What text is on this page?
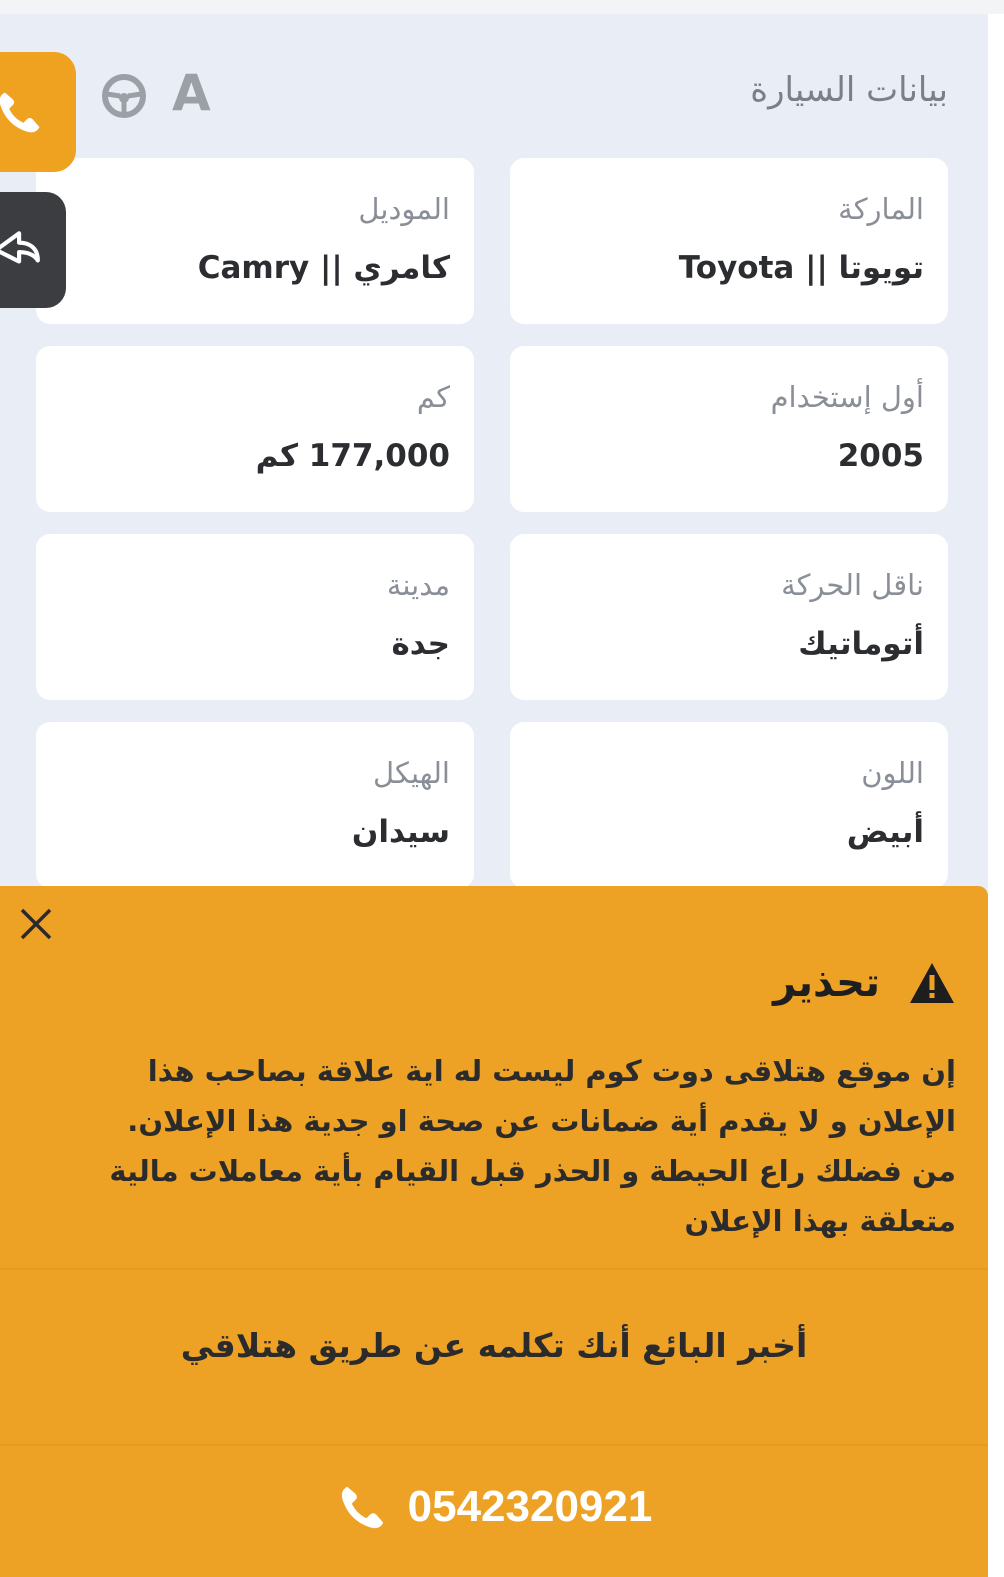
بيانات السيارة
A
الماركة
تويوتا || Toyota
الموديل
كامري || Camry
أول إستخدام
2005
كم
177,000 كم
ناقل الحركة
أتوماتيك
مدينة
جدة
اللون
أبيض
الهيكل
سيدان
تحذير
إن موقع هتلاقى دوت كوم ليست له اية علاقة بصاحب هذا الإعلان و لا يقدم أية ضمانات عن صحة او جدية هذا الإعلان. من فضلك راع الحيطة و الحذر قبل القيام بأية معاملات مالية متعلقة بهذا الإعلان
أخبر البائع أنك تكلمه عن طريق هتلاقي
0542320921
